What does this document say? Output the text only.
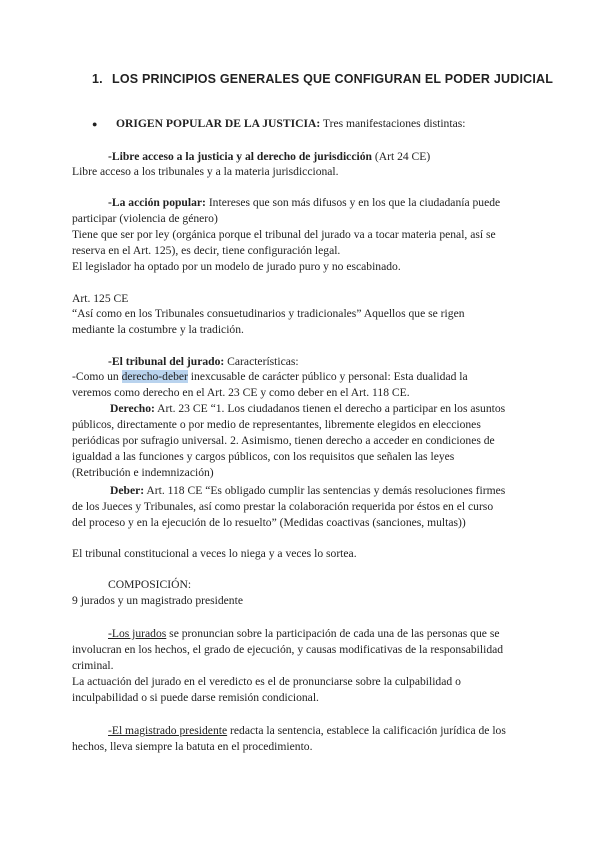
1. LOS PRINCIPIOS GENERALES QUE CONFIGURAN EL PODER JUDICIAL
● ORIGEN POPULAR DE LA JUSTICIA: Tres manifestaciones distintas:
-Libre acceso a la justicia y al derecho de jurisdicción (Art 24 CE)
Libre acceso a los tribunales y a la materia jurisdiccional.
-La acción popular: Intereses que son más difusos y en los que la ciudadanía puede
participar (violencia de género)
Tiene que ser por ley (orgánica porque el tribunal del jurado va a tocar materia penal, así se
reserva en el Art. 125), es decir, tiene configuración legal.
El legislador ha optado por un modelo de jurado puro y no escabinado.
Art. 125 CE
“Así como en los Tribunales consuetudinarios y tradicionales” Aquellos que se rigen
mediante la costumbre y la tradición.
-El tribunal del jurado: Características:
-Como un derecho-deber inexcusable de carácter público y personal: Esta dualidad la
veremos como derecho en el Art. 23 CE y como deber en el Art. 118 CE.
Derecho: Art. 23 CE “1. Los ciudadanos tienen el derecho a participar en los asuntos
públicos, directamente o por medio de representantes, libremente elegidos en elecciones
periódicas por sufragio universal. 2. Asimismo, tienen derecho a acceder en condiciones de
igualdad a las funciones y cargos públicos, con los requisitos que señalen las leyes
(Retribución e indemnización)
Deber: Art. 118 CE “Es obligado cumplir las sentencias y demás resoluciones firmes
de los Jueces y Tribunales, así como prestar la colaboración requerida por éstos en el curso
del proceso y en la ejecución de lo resuelto” (Medidas coactivas (sanciones, multas))
El tribunal constitucional a veces lo niega y a veces lo sortea.
COMPOSICIÓN:
9 jurados y un magistrado presidente
-Los jurados se pronuncian sobre la participación de cada una de las personas que se
involucran en los hechos, el grado de ejecución, y causas modificativas de la responsabilidad
criminal.
La actuación del jurado en el veredicto es el de pronunciarse sobre la culpabilidad o
inculpabilidad o si puede darse remisión condicional.
-El magistrado presidente redacta la sentencia, establece la calificación jurídica de los
hechos, lleva siempre la batuta en el procedimiento.
